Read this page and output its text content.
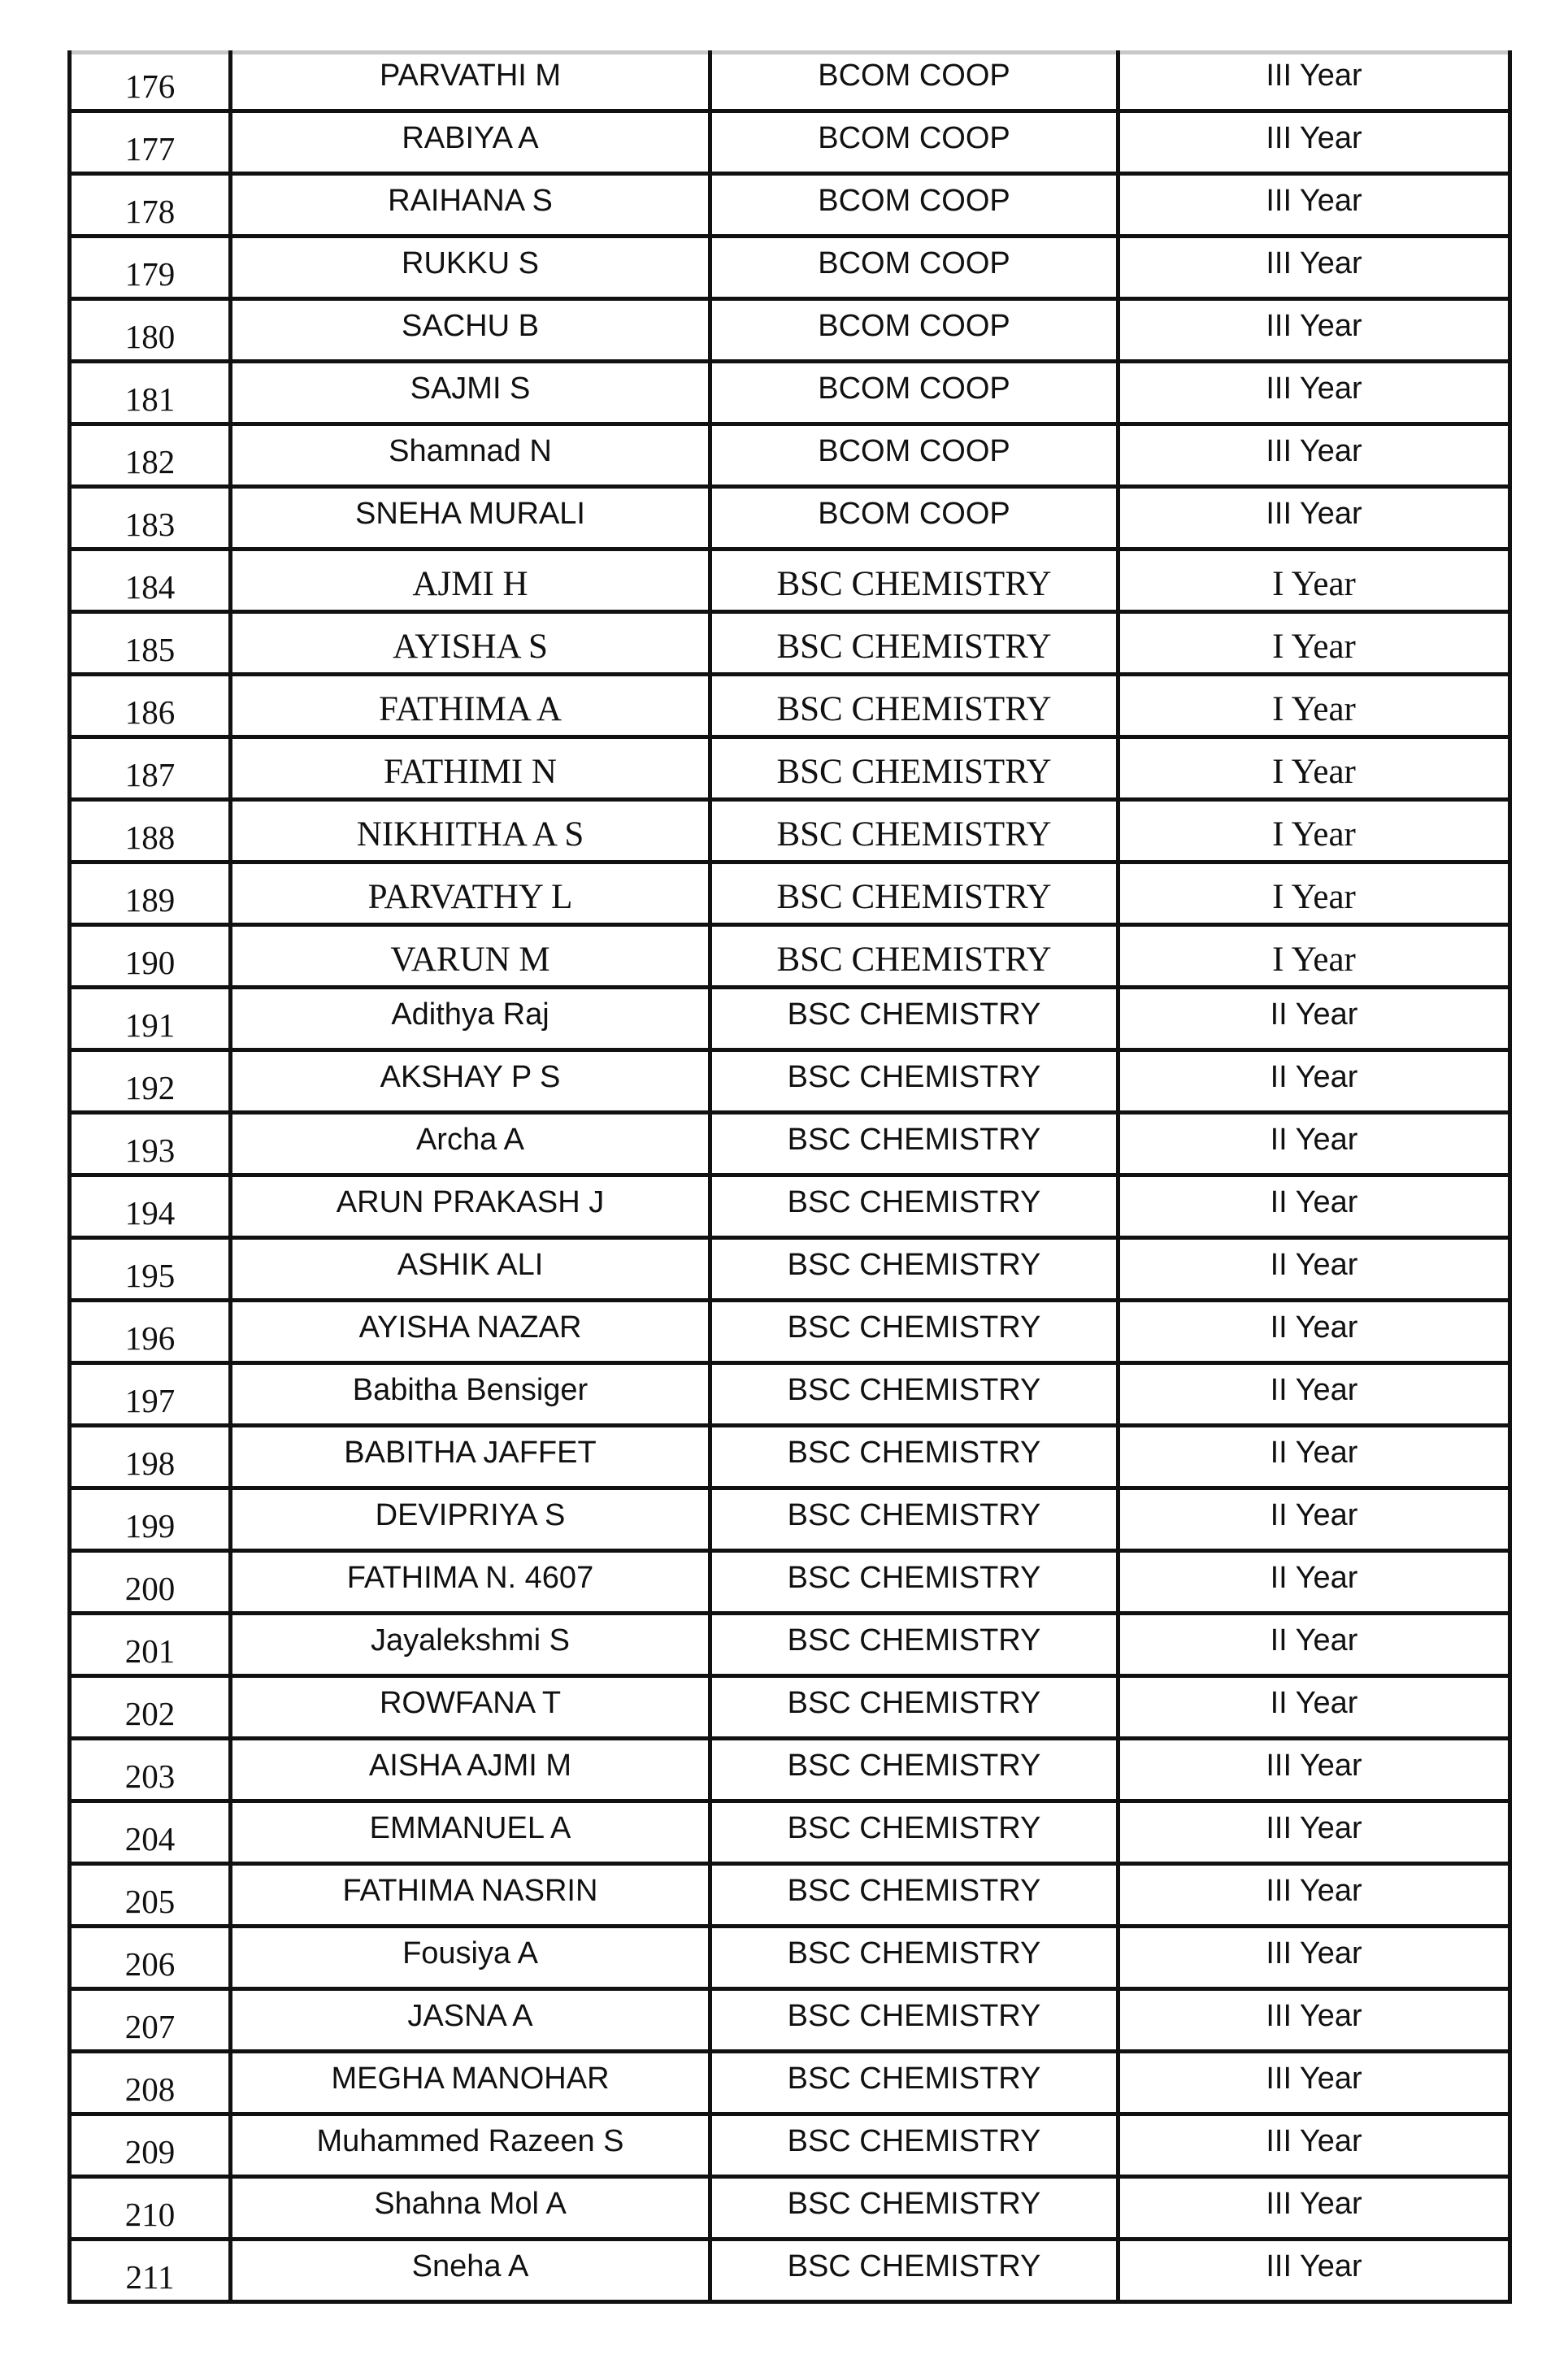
176	PARVATHI M	BCOM COOP	III Year
177	RABIYA A	BCOM COOP	III Year
178	RAIHANA S	BCOM COOP	III Year
179	RUKKU S	BCOM COOP	III Year
180	SACHU B	BCOM COOP	III Year
181	SAJMI S	BCOM COOP	III Year
182	Shamnad N	BCOM COOP	III Year
183	SNEHA MURALI	BCOM COOP	III Year
184	AJMI H	BSC CHEMISTRY	I Year
185	AYISHA S	BSC CHEMISTRY	I Year
186	FATHIMA A	BSC CHEMISTRY	I Year
187	FATHIMI N	BSC CHEMISTRY	I Year
188	NIKHITHA A S	BSC CHEMISTRY	I Year
189	PARVATHY L	BSC CHEMISTRY	I Year
190	VARUN M	BSC CHEMISTRY	I Year
191	Adithya Raj	BSC CHEMISTRY	II Year
192	AKSHAY P S	BSC CHEMISTRY	II Year
193	Archa A	BSC CHEMISTRY	II Year
194	ARUN PRAKASH J	BSC CHEMISTRY	II Year
195	ASHIK ALI	BSC CHEMISTRY	II Year
196	AYISHA NAZAR	BSC CHEMISTRY	II Year
197	Babitha Bensiger	BSC CHEMISTRY	II Year
198	BABITHA JAFFET	BSC CHEMISTRY	II Year
199	DEVIPRIYA S	BSC CHEMISTRY	II Year
200	FATHIMA N. 4607	BSC CHEMISTRY	II Year
201	Jayalekshmi S	BSC CHEMISTRY	II Year
202	ROWFANA T	BSC CHEMISTRY	II Year
203	AISHA AJMI M	BSC CHEMISTRY	III Year
204	EMMANUEL A	BSC CHEMISTRY	III Year
205	FATHIMA NASRIN	BSC CHEMISTRY	III Year
206	Fousiya A	BSC CHEMISTRY	III Year
207	JASNA A	BSC CHEMISTRY	III Year
208	MEGHA MANOHAR	BSC CHEMISTRY	III Year
209	Muhammed Razeen S	BSC CHEMISTRY	III Year
210	Shahna Mol A	BSC CHEMISTRY	III Year
211	Sneha A	BSC CHEMISTRY	III Year
